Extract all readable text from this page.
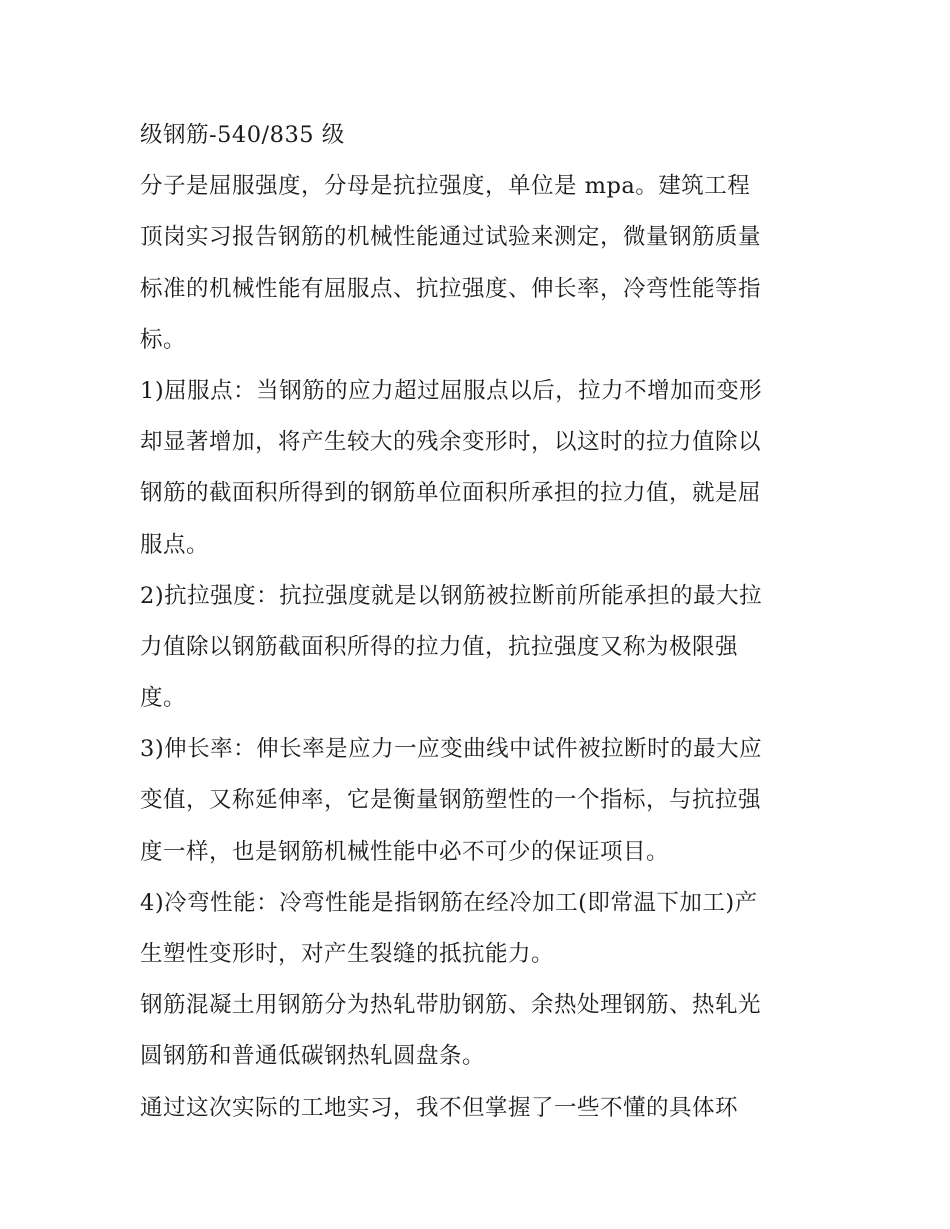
级钢筋-540/835 级
分子是屈服强度，分母是抗拉强度，单位是 mpa。建筑工程
顶岗实习报告钢筋的机械性能通过试验来测定，微量钢筋质量
标准的机械性能有屈服点、抗拉强度、伸长率，冷弯性能等指
标。
1)屈服点：当钢筋的应力超过屈服点以后，拉力不增加而变形
却显著增加，将产生较大的残余变形时，以这时的拉力值除以
钢筋的截面积所得到的钢筋单位面积所承担的拉力值，就是屈
服点。
2)抗拉强度：抗拉强度就是以钢筋被拉断前所能承担的最大拉
力值除以钢筋截面积所得的拉力值，抗拉强度又称为极限强
度。
3)伸长率：伸长率是应力一应变曲线中试件被拉断时的最大应
变值，又称延伸率，它是衡量钢筋塑性的一个指标，与抗拉强
度一样，也是钢筋机械性能中必不可少的保证项目。
4)冷弯性能：冷弯性能是指钢筋在经冷加工(即常温下加工)产
生塑性变形时，对产生裂缝的抵抗能力。
钢筋混凝土用钢筋分为热轧带肋钢筋、余热处理钢筋、热轧光
圆钢筋和普通低碳钢热轧圆盘条。
通过这次实际的工地实习，我不但掌握了一些不懂的具体环
